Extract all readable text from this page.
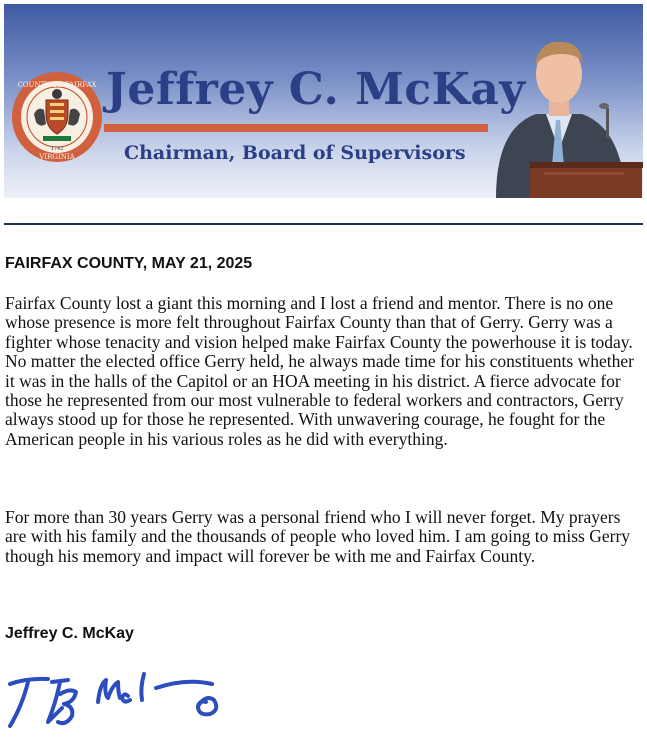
COUNTY OF FAIRFAX
VIRGINIA
1742
Jeffrey C. McKay
Chairman, Board of Supervisors
FAIRFAX COUNTY, MAY 21, 2025

Fairfax County lost a giant this morning and I lost a friend and mentor. There is no one whose presence is more felt throughout Fairfax County than that of Gerry. Gerry was a fighter whose tenacity and vision helped make Fairfax County the powerhouse it is today. No matter the elected office Gerry held, he always made time for his constituents whether it was in the halls of the Capitol or an HOA meeting in his district. A fierce advocate for those he represented from our most vulnerable to federal workers and contractors, Gerry always stood up for those he represented. With unwavering courage, he fought for the American people in his various roles as he did with everything.

For more than 30 years Gerry was a personal friend who I will never forget. My prayers are with his family and the thousands of people who loved him. I am going to miss Gerry though his memory and impact will forever be with me and Fairfax County.

Jeffrey C. McKay
